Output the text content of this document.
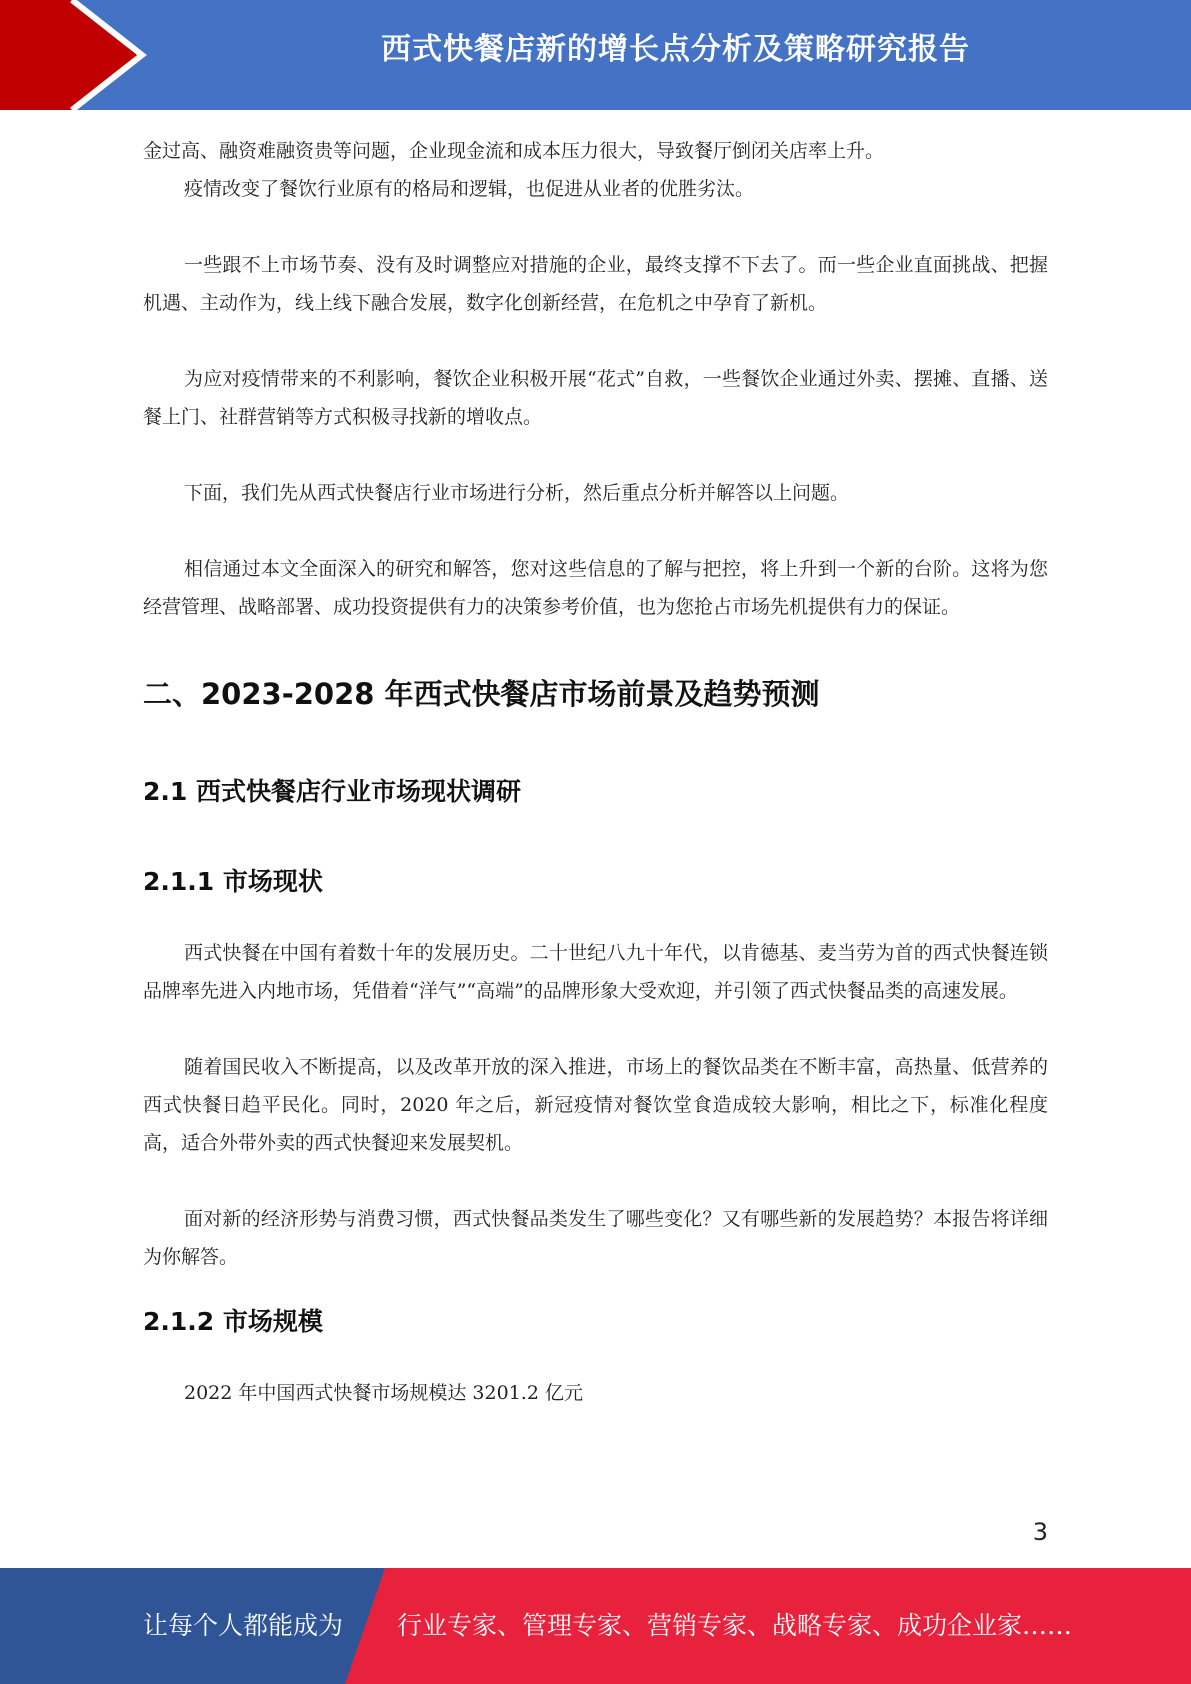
西式快餐店新的增长点分析及策略研究报告

金过高、融资难融资贵等问题，企业现金流和成本压力很大，导致餐厅倒闭关店率上升。

疫情改变了餐饮行业原有的格局和逻辑，也促进从业者的优胜劣汰。

一些跟不上市场节奏、没有及时调整应对措施的企业，最终支撑不下去了。而一些企业直面挑战、把握机遇、主动作为，线上线下融合发展，数字化创新经营，在危机之中孕育了新机。

为应对疫情带来的不利影响，餐饮企业积极开展“花式”自救，一些餐饮企业通过外卖、摆摊、直播、送餐上门、社群营销等方式积极寻找新的增收点。

下面，我们先从西式快餐店行业市场进行分析，然后重点分析并解答以上问题。

相信通过本文全面深入的研究和解答，您对这些信息的了解与把控，将上升到一个新的台阶。这将为您经营管理、战略部署、成功投资提供有力的决策参考价值，也为您抢占市场先机提供有力的保证。

二、2023-2028 年西式快餐店市场前景及趋势预测
2.1 西式快餐店行业市场现状调研
2.1.1 市场现状

西式快餐在中国有着数十年的发展历史。二十世纪八九十年代，以肯德基、麦当劳为首的西式快餐连锁品牌率先进入内地市场，凭借着“洋气”“高端”的品牌形象大受欢迎，并引领了西式快餐品类的高速发展。

随着国民收入不断提高，以及改革开放的深入推进，市场上的餐饮品类在不断丰富，高热量、低营养的西式快餐日趋平民化。同时，2020 年之后，新冠疫情对餐饮堂食造成较大影响，相比之下，标准化程度高，适合外带外卖的西式快餐迎来发展契机。

面对新的经济形势与消费习惯，西式快餐品类发生了哪些变化？又有哪些新的发展趋势？本报告将详细为你解答。

2.1.2 市场规模

2022 年中国西式快餐市场规模达 3201.2 亿元

3
让每个人都能成为 行业专家、管理专家、营销专家、战略专家、成功企业家……
